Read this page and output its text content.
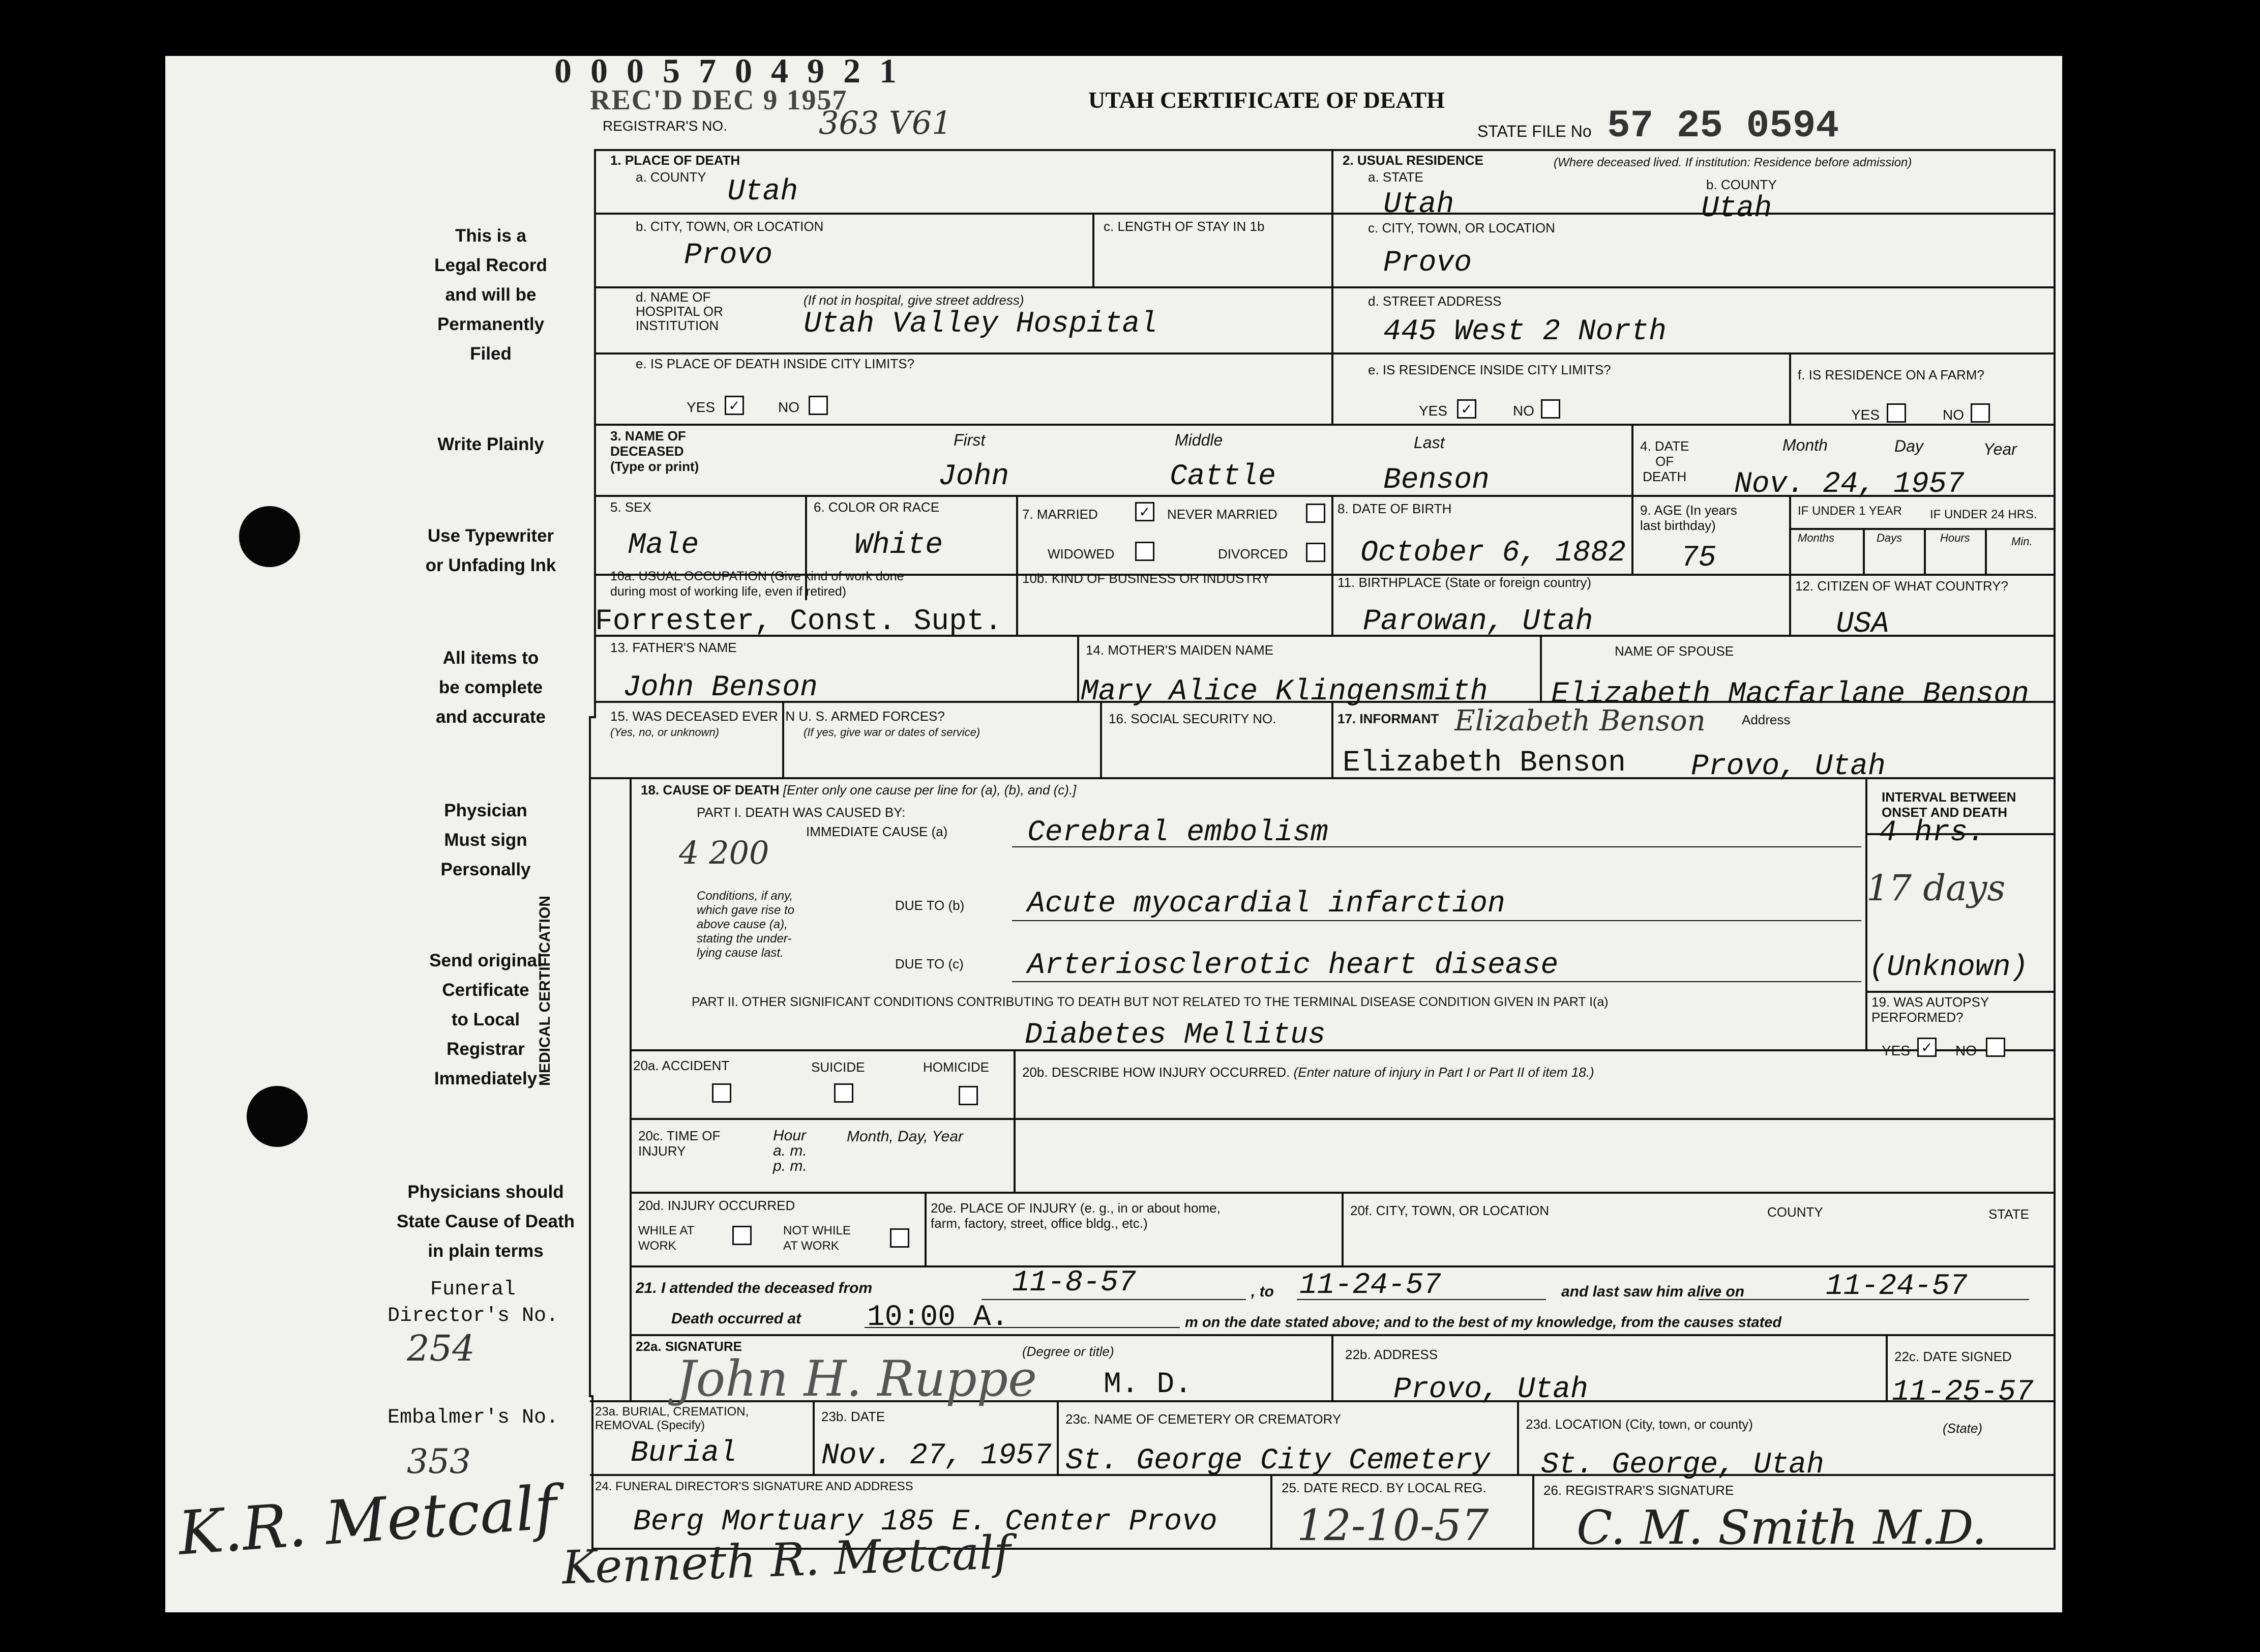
0 0 0 5 7 0 4 9 2 1
REC'D DEC 9 1957
REGISTRAR'S NO.	363 V61
UTAH CERTIFICATE OF DEATH
STATE FILE No 57 25 0594
This is a
Legal Record
and will be
Permanently
Filed
Write Plainly
Use Typewriter
or Unfading Ink
All items to
be complete
and accurate
Physician
Must sign
Personally
Send original
Certificate
to Local
Registrar
Immediately
Physicians should
State Cause of Death
in plain terms
Funeral
Director's No.
254
Embalmer's No.
353
K.R. Metcalf
1. PLACE OF DEATH
a. COUNTY Utah
b. CITY, TOWN, OR LOCATION
Provo
c. LENGTH OF STAY IN 1b
d. NAME OF
HOSPITAL OR
INSTITUTION
(If not in hospital, give street address)
Utah Valley Hospital
e. IS PLACE OF DEATH INSIDE CITY LIMITS?
YES ✓	NO
2. USUAL RESIDENCE	(Where deceased lived. If institution: Residence before admission)
a. STATE
Utah
b. COUNTY
Utah
c. CITY, TOWN, OR LOCATION
Provo
d. STREET ADDRESS
445 West 2 North
e. IS RESIDENCE INSIDE CITY LIMITS?
YES ✓	NO
f. IS RESIDENCE ON A FARM?
YES	NO
3. NAME OF
DECEASED
(Type or print)
First	Middle	Last
John	Cattle	Benson
4. DATE
OF
DEATH
Month	Day	Year
Nov. 24, 1957
5. SEX
Male
6. COLOR OR RACE
White
7. MARRIED	✓ NEVER MARRIED
WIDOWED	DIVORCED
8. DATE OF BIRTH
October 6, 1882
9. AGE (In years
last birthday)
75
IF UNDER 1 YEAR IF UNDER 24 HRS.
Months	Days	Hours	Min.
10a. USUAL OCCUPATION (Give kind of work done
during most of working life, even if retired)
Forrester, Const. Supt.
10b. KIND OF BUSINESS OR INDUSTRY	11. BIRTHPLACE (State or foreign country)
Parowan, Utah
12. CITIZEN OF WHAT COUNTRY?
USA
13. FATHER'S NAME
John Benson
14. MOTHER'S MAIDEN NAME
Mary Alice Klingensmith
NAME OF SPOUSE
Elizabeth Macfarlane Benson
15. WAS DECEASED EVER IN U. S. ARMED FORCES?
(Yes, no, or unknown)	(If yes, give war or dates of service)
16. SOCIAL SECURITY NO.	17. INFORMANT Elizabeth Benson	Address
Elizabeth Benson Provo, Utah
MEDICAL CERTIFICATION
18. CAUSE OF DEATH [Enter only one cause per line for (a), (b), and (c).]
PART I. DEATH WAS CAUSED BY:
IMMEDIATE CAUSE (a)	Cerebral embolism
INTERVAL BETWEEN
ONSET AND DEATH
4 hrs.
4 200
Conditions, if any,
which gave rise to
above cause (a),
stating the under-
lying cause last.
DUE TO (b) Acute myocardial infarction	17 days
DUE TO (c) Arteriosclerotic heart disease	(Unknown)
PART II. OTHER SIGNIFICANT CONDITIONS CONTRIBUTING TO DEATH BUT NOT RELATED TO THE TERMINAL DISEASE CONDITION GIVEN IN PART I(a)
Diabetes Mellitus
19. WAS AUTOPSY
PERFORMED?
YES ✓ NO
20a. ACCIDENT	SUICIDE	HOMICIDE	20b. DESCRIBE HOW INJURY OCCURRED. (Enter nature of injury in Part I or Part II of item 18.)
20c. TIME OF
INJURY
Hour
a. m.
p. m.
Month, Day, Year
20d. INJURY OCCURRED
WHILE AT
WORK
NOT WHILE
AT WORK
20e. PLACE OF INJURY (e. g., in or about home,
farm, factory, street, office bldg., etc.)
20f. CITY, TOWN, OR LOCATION	COUNTY	STATE
21. I attended the deceased from	11-8-57	, to 11-24-57	and last saw him alive on	11-24-57
Death occurred at 10:00 A.	m on the date stated above; and to the best of my knowledge, from the causes stated
22a. SIGNATURE	(Degree or title)
John H. Ruppe M. D.
22b. ADDRESS
Provo, Utah
22c. DATE SIGNED
11-25-57
23a. BURIAL, CREMATION,
REMOVAL (Specify)
Burial
23b. DATE
Nov. 27, 1957
23c. NAME OF CEMETERY OR CREMATORY
St. George City Cemetery
23d. LOCATION (City, town, or county)	(State)
St. George, Utah
24. FUNERAL DIRECTOR'S SIGNATURE AND ADDRESS
Berg Mortuary 185 E. Center Provo
Kenneth R. Metcalf
25. DATE RECD. BY LOCAL REG.
12-10-57
26. REGISTRAR'S SIGNATURE
C. M. Smith M.D.
